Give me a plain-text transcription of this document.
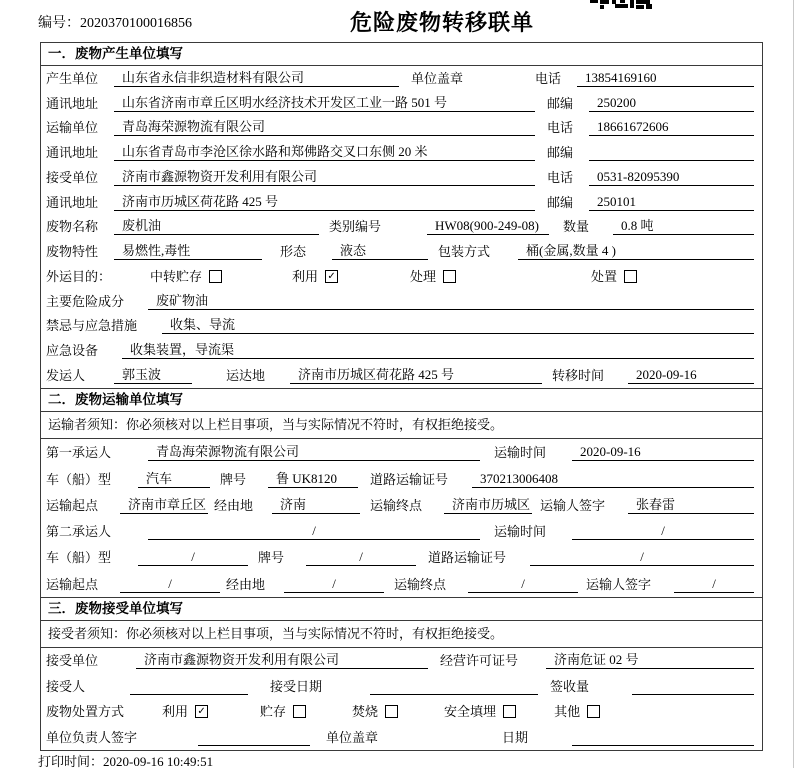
编号：2020370100016856	危险废物转移联单
一．废物产生单位填写
产生单位	山东省永信非织造材料有限公司	单位盖章	电话	13854169160
通讯地址	山东省济南市章丘区明水经济技术开发区工业一路 501 号	邮编	250200
运输单位	青岛海荣源物流有限公司	电话	18661672606
通讯地址	山东省青岛市李沧区徐水路和郑佛路交叉口东侧 20 米	邮编
接受单位	济南市鑫源物资开发利用有限公司	电话	0531-82095390
通讯地址	济南市历城区荷花路 425 号	邮编	250101
废物名称	废机油	类别编号	HW08(900-249-08)	数量	0.8 吨
废物特性	易燃性,毒性	形态	液态	包装方式	桶(金属,数量 4 )
外运目的：	中转贮存	利用 ✓	处理	处置
主要危险成分	废矿物油
禁忌与应急措施	收集、导流
应急设备	收集装置，导流渠
发运人	郭玉波	运达地	济南市历城区荷花路 425 号	转移时间	2020-09-16
二．废物运输单位填写
运输者须知：你必须核对以上栏目事项，当与实际情况不符时，有权拒绝接受。
第一承运人	青岛海荣源物流有限公司	运输时间	2020-09-16
车（船）型	汽车	牌号	鲁 UK8120	道路运输证号	370213006408
运输起点	济南市章丘区 经由地	济南	运输终点	济南市历城区 运输人签字	张春雷
第二承运人	/	运输时间	/
车（船）型	/	牌号	/	道路运输证号	/
运输起点	/	经由地	/	运输终点	/	运输人签字	/
三．废物接受单位填写
接受者须知：你必须核对以上栏目事项，当与实际情况不符时，有权拒绝接受。
接受单位	济南市鑫源物资开发利用有限公司	经营许可证号	济南危证 02 号
接受人	接受日期	签收量
废物处置方式	利用 ✓	贮存	焚烧	安全填埋	其他
单位负责人签字	单位盖章	日期
打印时间：2020-09-16 10:49:51
